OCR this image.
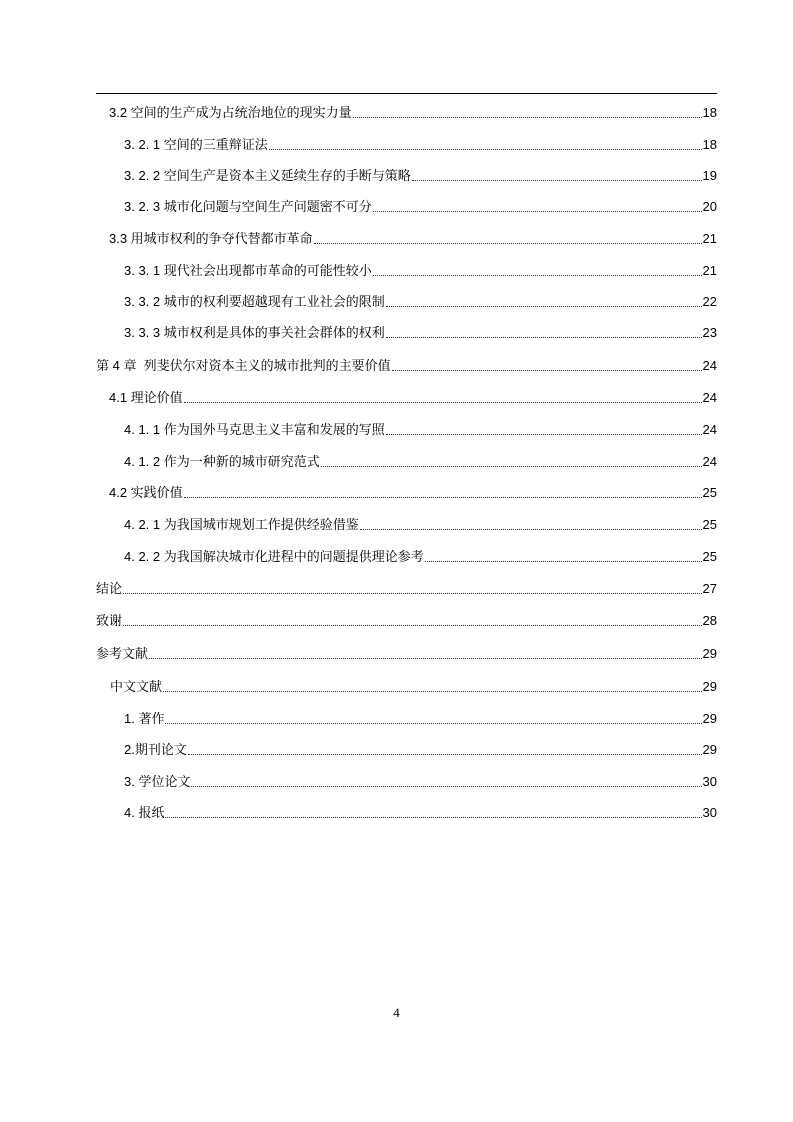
3.2 空间的生产成为占统治地位的现实力量	18
3. 2. 1 空间的三重辩证法	18
3. 2. 2 空间生产是资本主义延续生存的手断与策略	19
3. 2. 3 城市化问题与空间生产问题密不可分	20
3.3 用城市权利的争夺代替都市革命	21
3. 3. 1 现代社会出现都市革命的可能性较小	21
3. 3. 2 城市的权利要超越现有工业社会的限制	22
3. 3. 3 城市权利是具体的事关社会群体的权利	23
第 4 章  列斐伏尔对资本主义的城市批判的主要价值	24
4.1 理论价值	24
4. 1. 1 作为国外马克思主义丰富和发展的写照	24
4. 1. 2 作为一种新的城市研究范式	24
4.2 实践价值	25
4. 2. 1 为我国城市规划工作提供经验借鉴	25
4. 2. 2 为我国解决城市化进程中的问题提供理论参考	25
结论	27
致谢	28
参考文献	29
中文文献	29
1. 著作	29
2.期刊论文	29
3. 学位论文	30
4. 报纸	30
4
